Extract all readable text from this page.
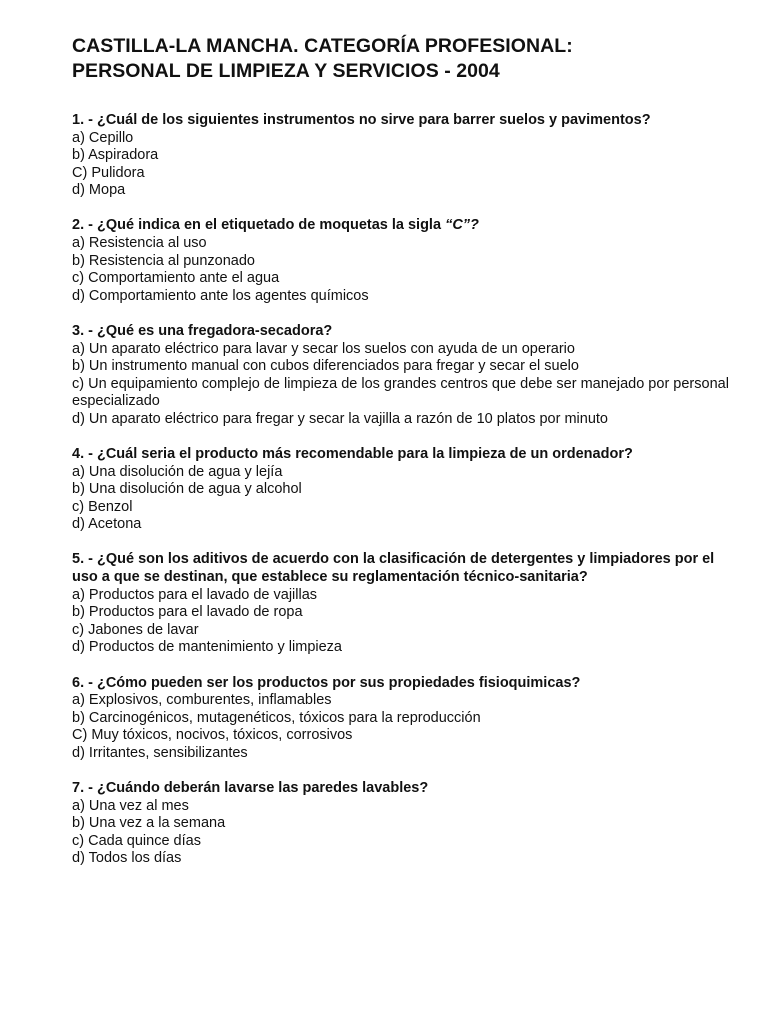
CASTILLA-LA MANCHA. CATEGORÍA PROFESIONAL:
PERSONAL DE LIMPIEZA Y SERVICIOS - 2004
1. - ¿Cuál de los siguientes instrumentos no sirve para barrer suelos y pavimentos?
a) Cepillo
b) Aspiradora
C) Pulidora
d) Mopa
2. - ¿Qué indica en el etiquetado de moquetas la sigla “C”?
a) Resistencia al uso
b) Resistencia al punzonado
c) Comportamiento ante el agua
d) Comportamiento ante los agentes químicos
3. - ¿Qué es una fregadora-secadora?
a) Un aparato eléctrico para lavar y secar los suelos con ayuda de un operario
b) Un instrumento manual con cubos diferenciados para fregar y secar el suelo
c) Un equipamiento complejo de limpieza de los grandes centros que debe ser manejado por personal especializado
d) Un aparato eléctrico para fregar y secar la vajilla a razón de 10 platos por minuto
4. - ¿Cuál seria el producto más recomendable para la limpieza de un ordenador?
a) Una disolución de agua y lejía
b) Una disolución de agua y alcohol
c) Benzol
d) Acetona
5. - ¿Qué son los aditivos de acuerdo con la clasificación de detergentes y limpiadores por el uso a que se destinan, que establece su reglamentación técnico-sanitaria?
a) Productos para el lavado de vajillas
b) Productos para el lavado de ropa
c) Jabones de lavar
d) Productos de mantenimiento y limpieza
6. - ¿Cómo pueden ser los productos por sus propiedades fisioquimicas?
a) Explosivos, comburentes, inflamables
b) Carcinogénicos, mutagenéticos, tóxicos para la reproducción
C) Muy tóxicos, nocivos, tóxicos, corrosivos
d) Irritantes, sensibilizantes
7. - ¿Cuándo deberán lavarse las paredes lavables?
a) Una vez al mes
b) Una vez a la semana
c) Cada quince días
d) Todos los días
